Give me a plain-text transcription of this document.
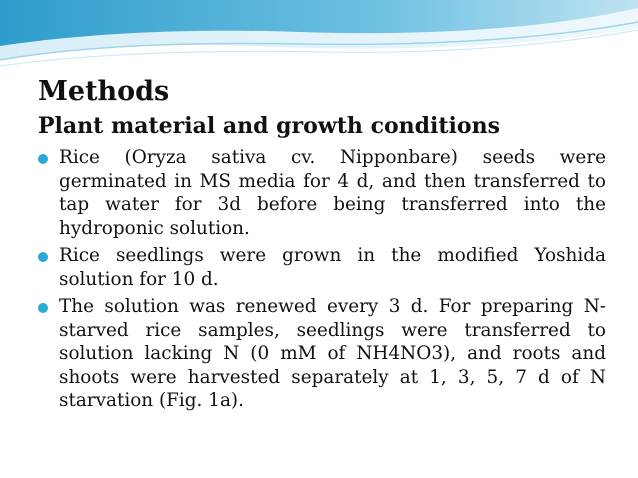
Methods
Plant material and growth conditions
Rice (Oryza sativa cv. Nipponbare) seeds were germinated in MS media for 4 d, and then transferred to tap water for 3d before being transferred into the hydroponic solution.
Rice seedlings were grown in the modified Yoshida solution for 10 d.
The solution was renewed every 3 d. For preparing N-starved rice samples, seedlings were transferred to solution lacking N (0 mM of NH4NO3), and roots and shoots were harvested separately at 1, 3, 5, 7 d of N starvation (Fig. 1a).
